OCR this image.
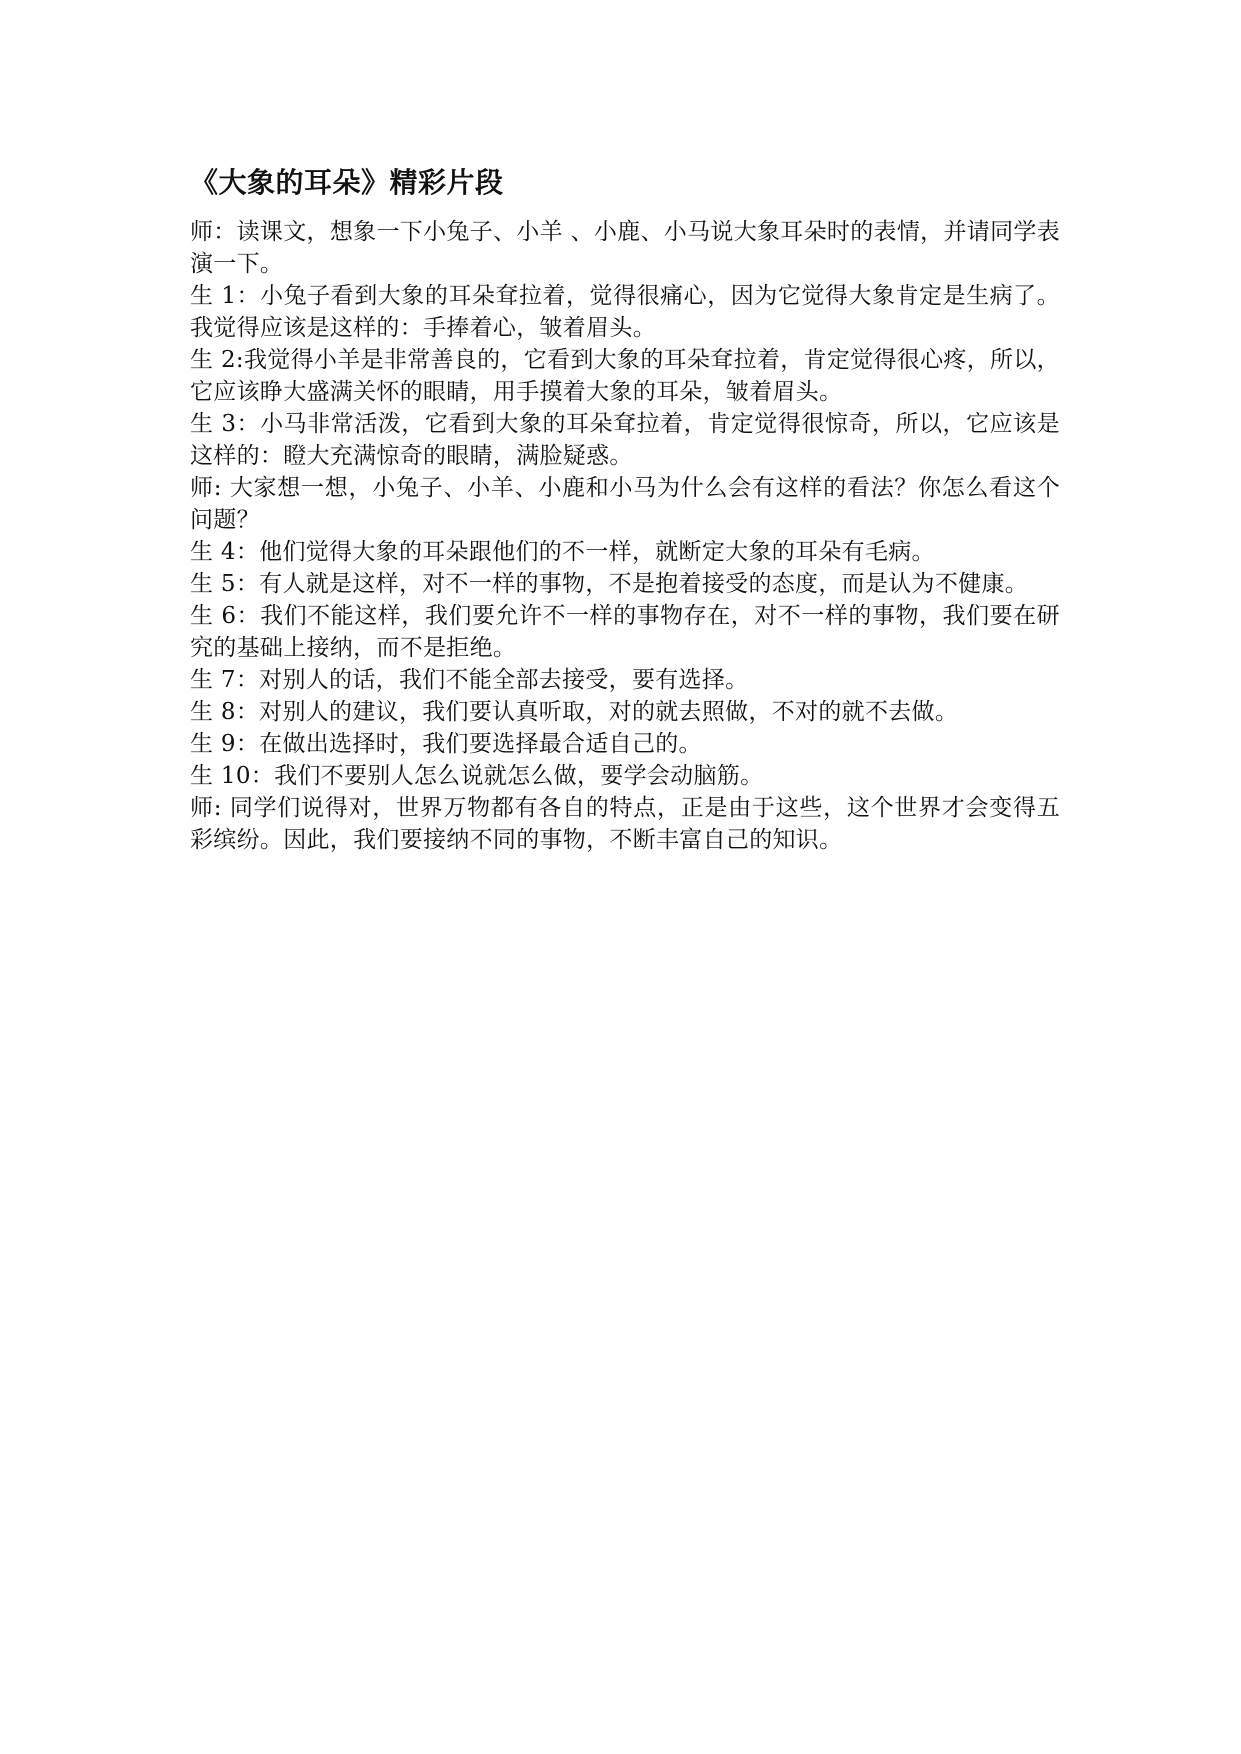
《大象的耳朵》精彩片段

师：读课文，想象一下小兔子、小羊 、小鹿、小马说大象耳朵时的表情，并请同学表演一下。

生 1：小兔子看到大象的耳朵耷拉着，觉得很痛心，因为它觉得大象肯定是生病了。我觉得应该是这样的：手捧着心，皱着眉头。

生 2:我觉得小羊是非常善良的，它看到大象的耳朵耷拉着，肯定觉得很心疼，所以，它应该睁大盛满关怀的眼睛，用手摸着大象的耳朵，皱着眉头。

生 3：小马非常活泼，它看到大象的耳朵耷拉着，肯定觉得很惊奇，所以，它应该是这样的：瞪大充满惊奇的眼睛，满脸疑惑。

师: 大家想一想，小兔子、小羊、小鹿和小马为什么会有这样的看法？你怎么看这个问题？

生 4：他们觉得大象的耳朵跟他们的不一样，就断定大象的耳朵有毛病。

生 5：有人就是这样，对不一样的事物，不是抱着接受的态度，而是认为不健康。

生 6：我们不能这样，我们要允许不一样的事物存在，对不一样的事物，我们要在研究的基础上接纳，而不是拒绝。

生 7：对别人的话，我们不能全部去接受，要有选择。

生 8：对别人的建议，我们要认真听取，对的就去照做，不对的就不去做。

生 9：在做出选择时，我们要选择最合适自己的。

生 10：我们不要别人怎么说就怎么做，要学会动脑筋。

师: 同学们说得对，世界万物都有各自的特点，正是由于这些，这个世界才会变得五彩缤纷。因此，我们要接纳不同的事物，不断丰富自己的知识。
